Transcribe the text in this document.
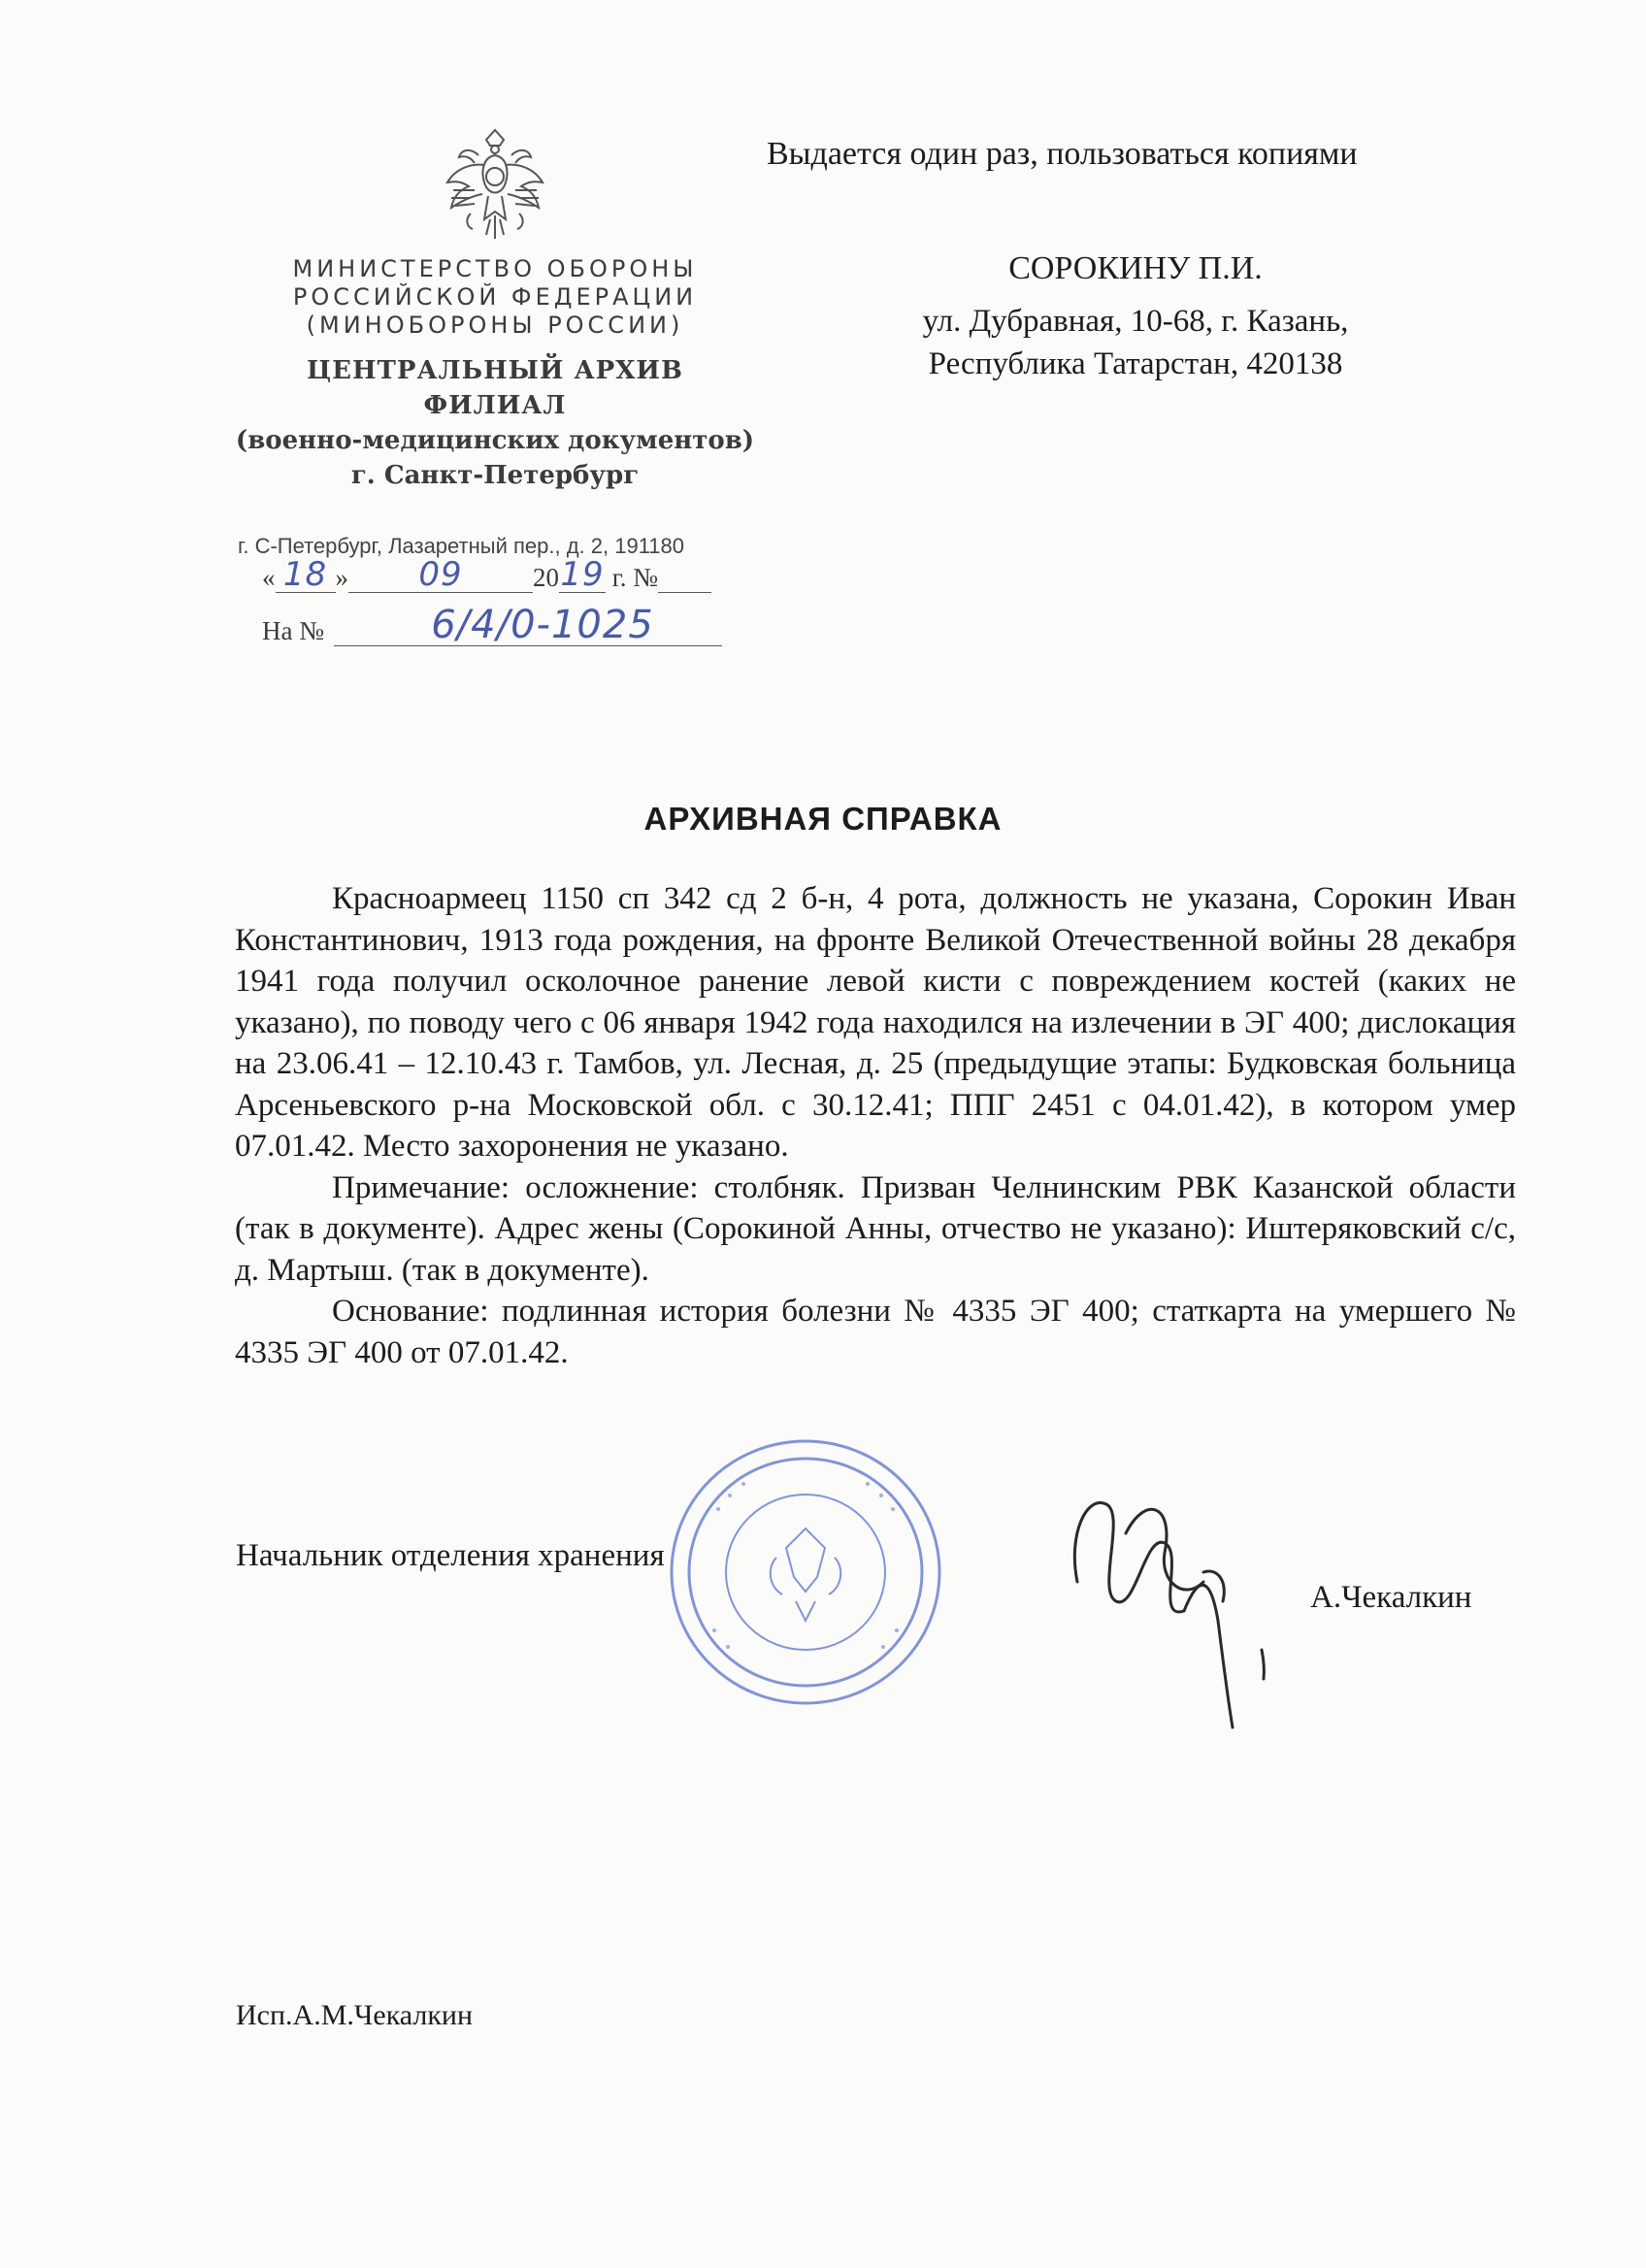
Выдается один раз, пользоваться копиями
МИНИСТЕРСТВО ОБОРОНЫ
РОССИЙСКОЙ ФЕДЕРАЦИИ
(МИНОБОРОНЫ РОССИИ)
ЦЕНТРАЛЬНЫЙ АРХИВ
ФИЛИАЛ
(военно-медицинских документов)
г. Санкт-Петербург
г. С-Петербург, Лазаретный пер., д. 2, 191180
« 18 »	09	20 19 г. №
На №	6/4/0-1025
СОРОКИНУ П.И.
ул. Дубравная, 10-68, г. Казань,
Республика Татарстан, 420138
АРХИВНАЯ СПРАВКА

Красноармеец 1150 сп 342 сд 2 б-н, 4 рота, должность не указана, Сорокин Иван Константинович, 1913 года рождения, на фронте Великой Отечественной войны 28 декабря 1941 года получил осколочное ранение левой кисти с повреждением костей (каких не указано), по поводу чего с 06 января 1942 года находился на излечении в ЭГ 400; дислокация на 23.06.41 – 12.10.43 г. Тамбов, ул. Лесная, д. 25 (предыдущие этапы: Будковская больница Арсеньевского р-на Московской обл. с 30.12.41; ППГ 2451 с 04.01.42), в котором умер 07.01.42. Место захоронения не указано.

Примечание: осложнение: столбняк. Призван Челнинским РВК Казанской области (так в документе). Адрес жены (Сорокиной Анны, отчество не указано): Иштеряковский с/с, д. Мартыш. (так в документе).

Основание: подлинная история болезни № 4335 ЭГ 400; статкарта на умершего № 4335 ЭГ 400 от 07.01.42.

Начальник отделения хранения
А.Чекалкин
Исп.А.М.Чекалкин
